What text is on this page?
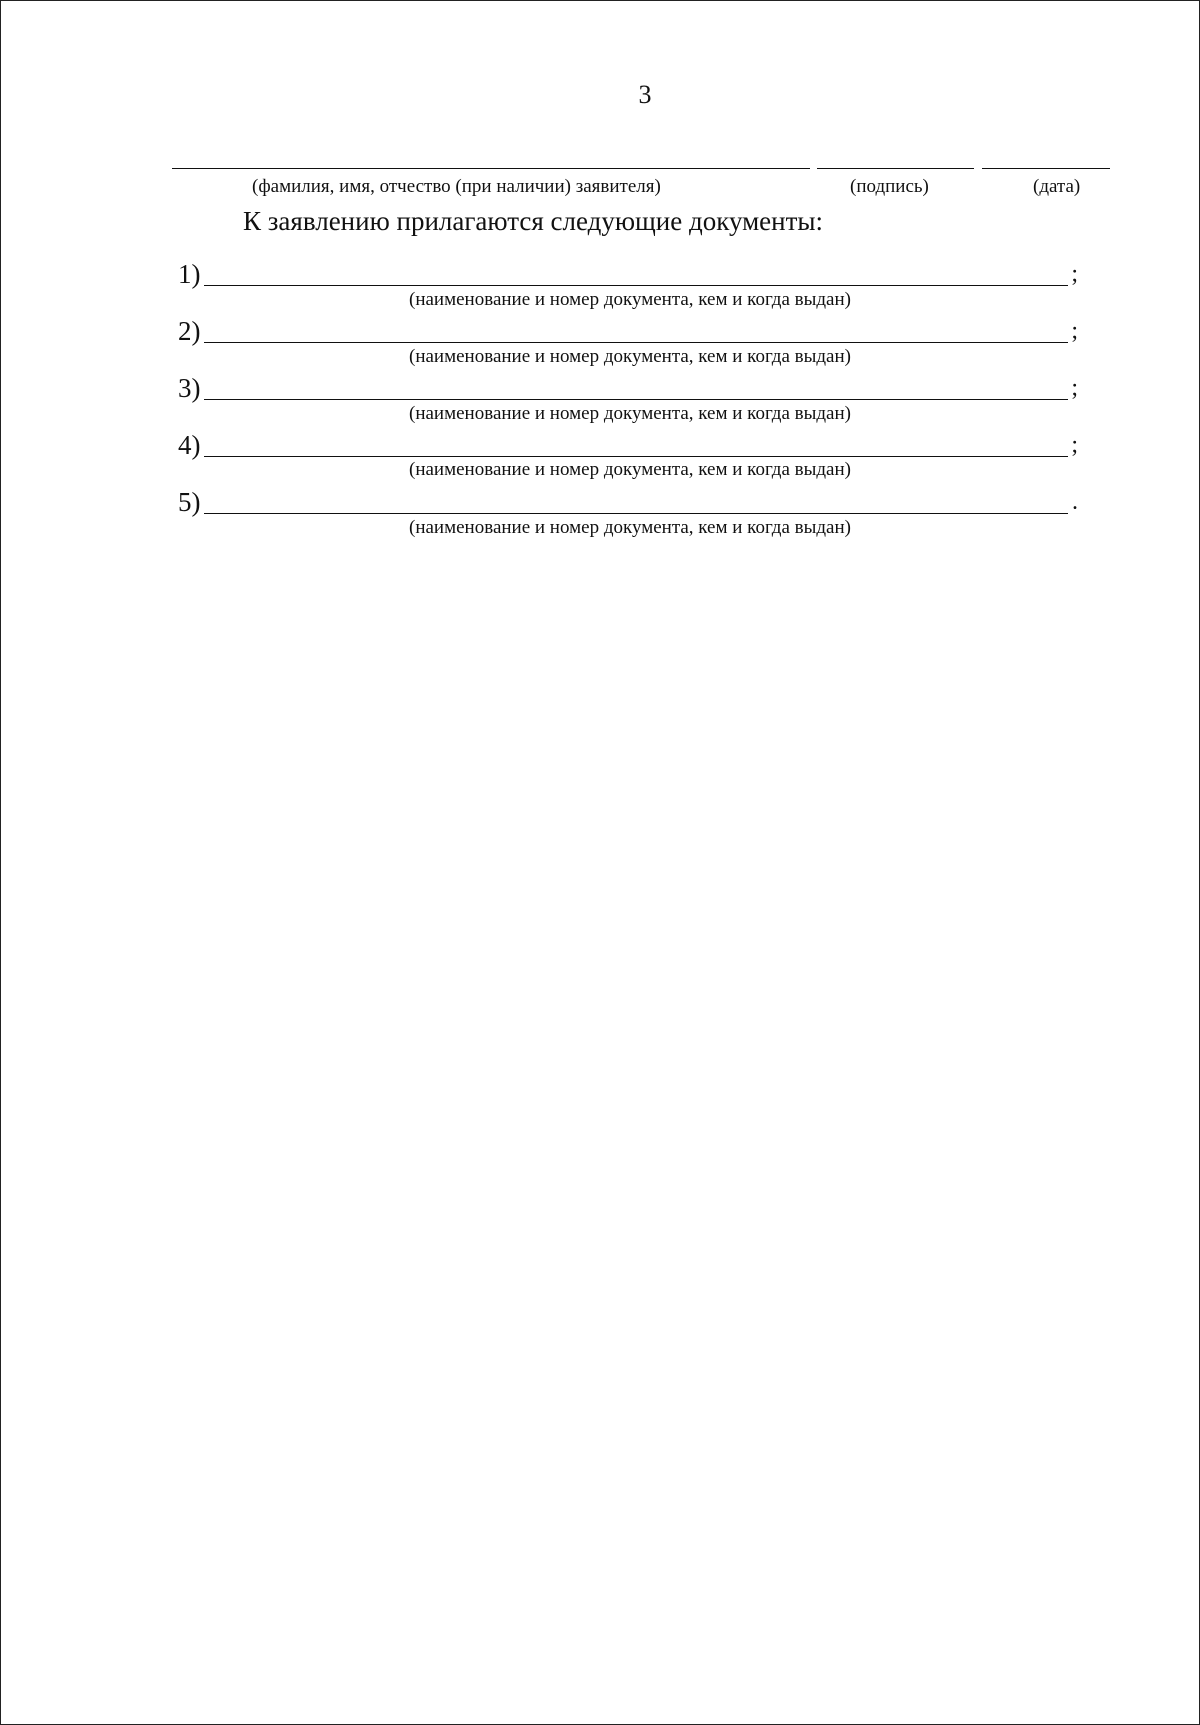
3
(фамилия, имя, отчество (при наличии) заявителя)	(подпись)	(дата)
К заявлению прилагаются следующие документы:
1)	;
(наименование и номер документа, кем и когда выдан)
2)	;
(наименование и номер документа, кем и когда выдан)
3)	;
(наименование и номер документа, кем и когда выдан)
4)	;
(наименование и номер документа, кем и когда выдан)
5)	.
(наименование и номер документа, кем и когда выдан)
